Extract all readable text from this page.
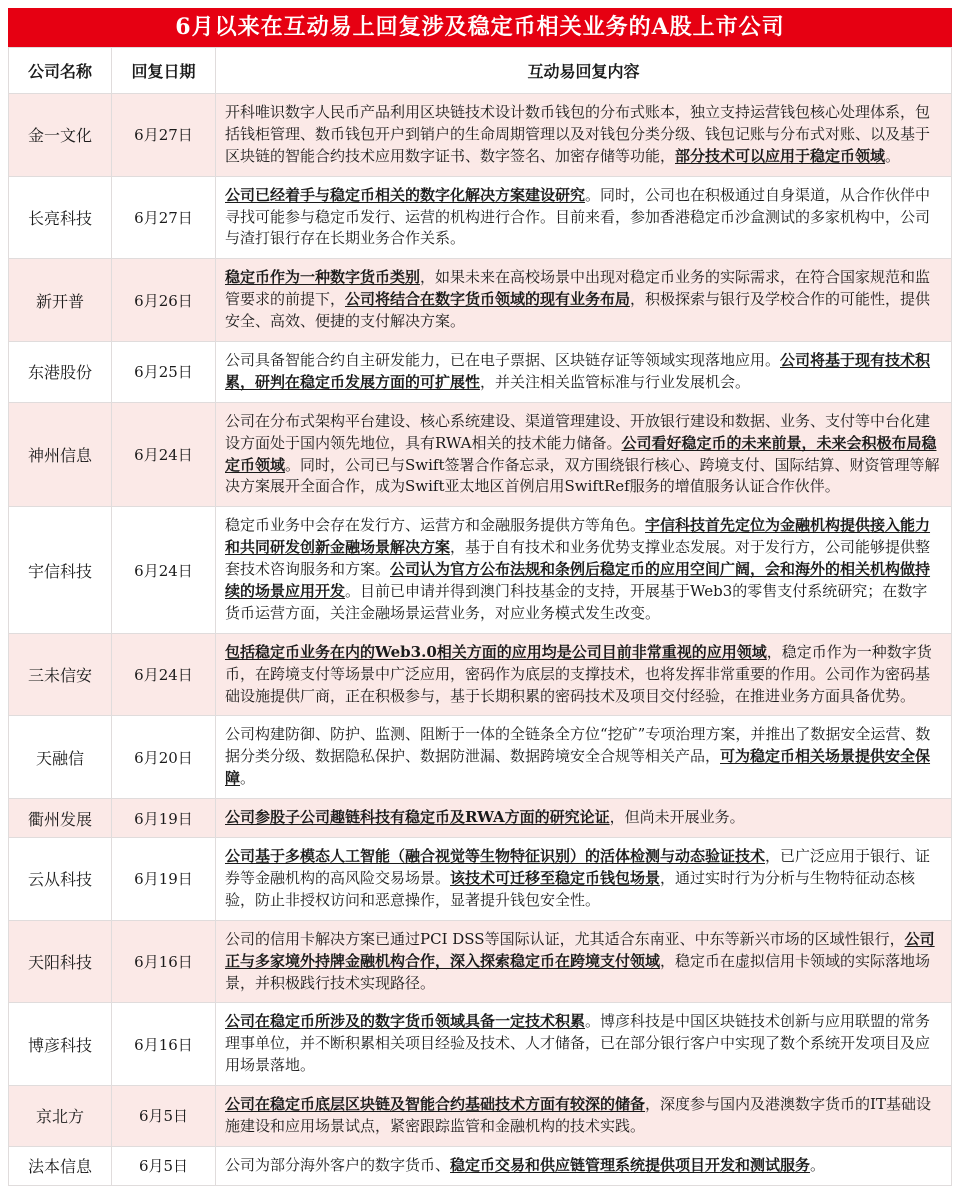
6月以来在互动易上回复涉及稳定币相关业务的A股上市公司
公司名称	回复日期	互动易回复内容
金一文化	6月27日	开科唯识数字人民币产品利用区块链技术设计数币钱包的分布式账本，独立支持运营钱包核心处理体系，包括钱柜管理、数币钱包开户到销户的生命周期管理以及对钱包分类分级、钱包记账与分布式对账、以及基于区块链的智能合约技术应用数字证书、数字签名、加密存储等功能，部分技术可以应用于稳定币领域。
长亮科技	6月27日	公司已经着手与稳定币相关的数字化解决方案建设研究。同时，公司也在积极通过自身渠道，从合作伙伴中寻找可能参与稳定币发行、运营的机构进行合作。目前来看，参加香港稳定币沙盒测试的多家机构中，公司与渣打银行存在长期业务合作关系。
新开普	6月26日	稳定币作为一种数字货币类别，如果未来在高校场景中出现对稳定币业务的实际需求，在符合国家规范和监管要求的前提下，公司将结合在数字货币领域的现有业务布局，积极探索与银行及学校合作的可能性，提供安全、高效、便捷的支付解决方案。
东港股份	6月25日	公司具备智能合约自主研发能力，已在电子票据、区块链存证等领域实现落地应用。公司将基于现有技术积累，研判在稳定币发展方面的可扩展性，并关注相关监管标准与行业发展机会。
神州信息	6月24日	公司在分布式架构平台建设、核心系统建设、渠道管理建设、开放银行建设和数据、业务、支付等中台化建设方面处于国内领先地位，具有RWA相关的技术能力储备。公司看好稳定币的未来前景，未来会积极布局稳定币领域。同时，公司已与Swift签署合作备忘录，双方围绕银行核心、跨境支付、国际结算、财资管理等解决方案展开全面合作，成为Swift亚太地区首例启用SwiftRef服务的增值服务认证合作伙伴。
宇信科技	6月24日	稳定币业务中会存在发行方、运营方和金融服务提供方等角色。宇信科技首先定位为金融机构提供接入能力和共同研发创新金融场景解决方案，基于自有技术和业务优势支撑业态发展。对于发行方，公司能够提供整套技术咨询服务和方案。公司认为官方公布法规和条例后稳定币的应用空间广阔，会和海外的相关机构做持续的场景应用开发。目前已申请并得到澳门科技基金的支持，开展基于Web3的零售支付系统研究；在数字货币运营方面，关注金融场景运营业务，对应业务模式发生改变。
三未信安	6月24日	包括稳定币业务在内的Web3.0相关方面的应用均是公司目前非常重视的应用领域，稳定币作为一种数字货币，在跨境支付等场景中广泛应用，密码作为底层的支撑技术，也将发挥非常重要的作用。公司作为密码基础设施提供厂商，正在积极参与，基于长期积累的密码技术及项目交付经验，在推进业务方面具备优势。
天融信	6月20日	公司构建防御、防护、监测、阻断于一体的全链条全方位“挖矿”专项治理方案，并推出了数据安全运营、数据分类分级、数据隐私保护、数据防泄漏、数据跨境安全合规等相关产品，可为稳定币相关场景提供安全保障。
衢州发展	6月19日	公司参股子公司趣链科技有稳定币及RWA方面的研究论证，但尚未开展业务。
云从科技	6月19日	公司基于多模态人工智能（融合视觉等生物特征识别）的活体检测与动态验证技术，已广泛应用于银行、证券等金融机构的高风险交易场景。该技术可迁移至稳定币钱包场景，通过实时行为分析与生物特征动态核验，防止非授权访问和恶意操作，显著提升钱包安全性。
天阳科技	6月16日	公司的信用卡解决方案已通过PCI DSS等国际认证，尤其适合东南亚、中东等新兴市场的区域性银行，公司正与多家境外持牌金融机构合作，深入探索稳定币在跨境支付领域，稳定币在虚拟信用卡领域的实际落地场景，并积极践行技术实现路径。
博彦科技	6月16日	公司在稳定币所涉及的数字货币领域具备一定技术积累。博彦科技是中国区块链技术创新与应用联盟的常务理事单位，并不断积累相关项目经验及技术、人才储备，已在部分银行客户中实现了数个系统开发项目及应用场景落地。
京北方	6月5日	公司在稳定币底层区块链及智能合约基础技术方面有较深的储备，深度参与国内及港澳数字货币的IT基础设施建设和应用场景试点，紧密跟踪监管和金融机构的技术实践。
法本信息	6月5日	公司为部分海外客户的数字货币、稳定币交易和供应链管理系统提供项目开发和测试服务。
